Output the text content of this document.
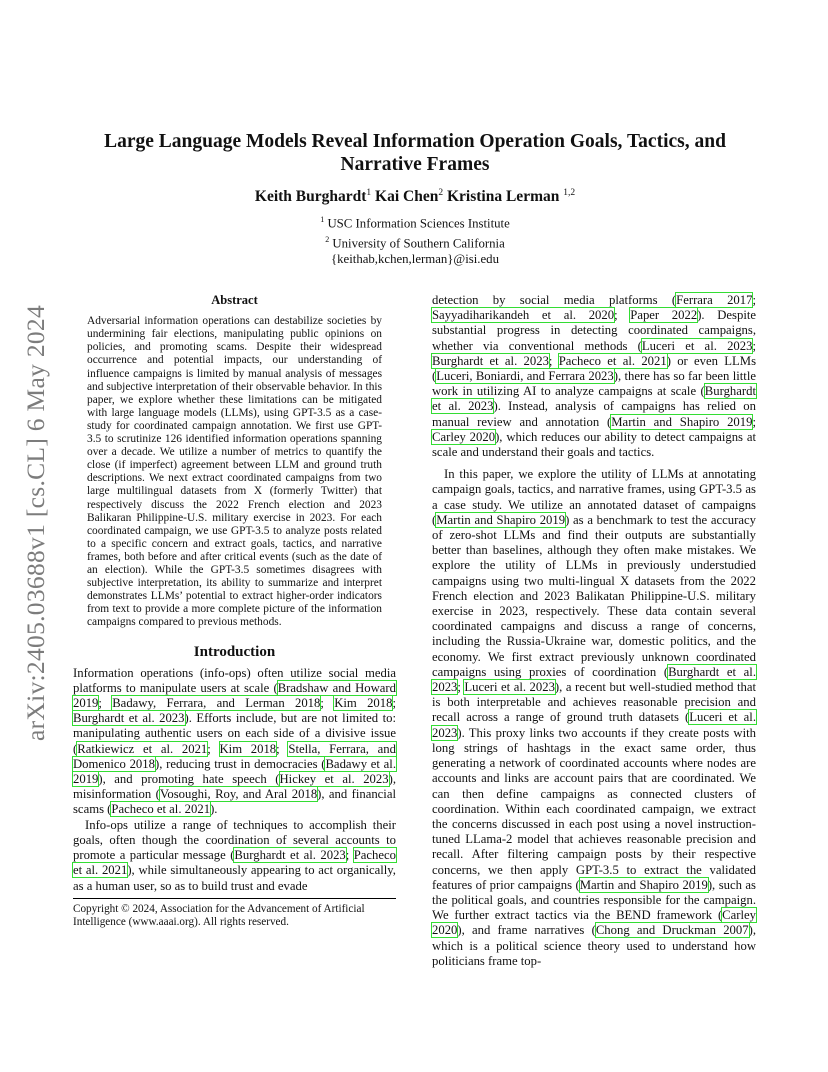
arXiv:2405.03688v1 [cs.CL] 6 May 2024
Large Language Models Reveal Information Operation Goals, Tactics, and
Narrative Frames
Keith Burghardt$^1$ Kai Chen$^2$ Kristina Lerman $^{1,2}$
$^1$ USC Information Sciences Institute
$^2$ University of Southern California
{keithab,kchen,lerman}@isi.edu
Abstract

Adversarial information operations can destabilize societies by undermining fair elections, manipulating public opinions on policies, and promoting scams. Despite their widespread occurrence and potential impacts, our understanding of influence campaigns is limited by manual analysis of messages and subjective interpretation of their observable behavior. In this paper, we explore whether these limitations can be mitigated with large language models (LLMs), using GPT-3.5 as a case-study for coordinated campaign annotation. We first use GPT-3.5 to scrutinize 126 identified information operations spanning over a decade. We utilize a number of metrics to quantify the close (if imperfect) agreement between LLM and ground truth descriptions. We next extract coordinated campaigns from two large multilingual datasets from X (formerly Twitter) that respectively discuss the 2022 French election and 2023 Balikaran Philippine-U.S. military exercise in 2023. For each coordinated campaign, we use GPT-3.5 to analyze posts related to a specific concern and extract goals, tactics, and narrative frames, both before and after critical events (such as the date of an election). While the GPT-3.5 sometimes disagrees with subjective interpretation, its ability to summarize and interpret demonstrates LLMs’ potential to extract higher-order indicators from text to provide a more complete picture of the information campaigns compared to previous methods.

Introduction

Information operations (info-ops) often utilize social media platforms to manipulate users at scale (Bradshaw and Howard 2019; Badawy, Ferrara, and Lerman 2018; Kim 2018; Burghardt et al. 2023). Efforts include, but are not limited to: manipulating authentic users on each side of a divisive issue (Ratkiewicz et al. 2021; Kim 2018; Stella, Ferrara, and Domenico 2018), reducing trust in democracies (Badawy et al. 2019), and promoting hate speech (Hickey et al. 2023), misinformation (Vosoughi, Roy, and Aral 2018), and financial scams (Pacheco et al. 2021).

Info-ops utilize a range of techniques to accomplish their goals, often though the coordination of several accounts to promote a particular message (Burghardt et al. 2023; Pacheco et al. 2021), while simultaneously appearing to act organically, as a human user, so as to build trust and evade

detection by social media platforms (Ferrara 2017; Sayyadiharikandeh et al. 2020; Paper 2022). Despite substantial progress in detecting coordinated campaigns, whether via conventional methods (Luceri et al. 2023; Burghardt et al. 2023; Pacheco et al. 2021) or even LLMs (Luceri, Boniardi, and Ferrara 2023), there has so far been little work in utilizing AI to analyze campaigns at scale (Burghardt et al. 2023). Instead, analysis of campaigns has relied on manual review and annotation (Martin and Shapiro 2019; Carley 2020), which reduces our ability to detect campaigns at scale and understand their goals and tactics.

In this paper, we explore the utility of LLMs at annotating campaign goals, tactics, and narrative frames, using GPT-3.5 as a case study. We utilize an annotated dataset of campaigns (Martin and Shapiro 2019) as a benchmark to test the accuracy of zero-shot LLMs and find their outputs are substantially better than baselines, although they often make mistakes. We explore the utility of LLMs in previously understudied campaigns using two multi-lingual X datasets from the 2022 French election and 2023 Balikatan Philippine-U.S. military exercise in 2023, respectively. These data contain several coordinated campaigns and discuss a range of concerns, including the Russia-Ukraine war, domestic politics, and the economy. We first extract previously unknown coordinated campaigns using proxies of coordination (Burghardt et al. 2023; Luceri et al. 2023), a recent but well-studied method that is both interpretable and achieves reasonable precision and recall across a range of ground truth datasets (Luceri et al. 2023). This proxy links two accounts if they create posts with long strings of hashtags in the exact same order, thus generating a network of coordinated accounts where nodes are accounts and links are account pairs that are coordinated. We can then define campaigns as connected clusters of coordination. Within each coordinated campaign, we extract the concerns discussed in each post using a novel instruction-tuned LLama-2 model that achieves reasonable precision and recall. After filtering campaign posts by their respective concerns, we then apply GPT-3.5 to extract the validated features of prior campaigns (Martin and Shapiro 2019), such as the political goals, and countries responsible for the campaign. We further extract tactics via the BEND framework (Carley 2020), and frame narratives (Chong and Druckman 2007), which is a political science theory used to understand how politicians frame top-

Copyright © 2024, Association for the Advancement of Artificial Intelligence (www.aaai.org). All rights reserved.
